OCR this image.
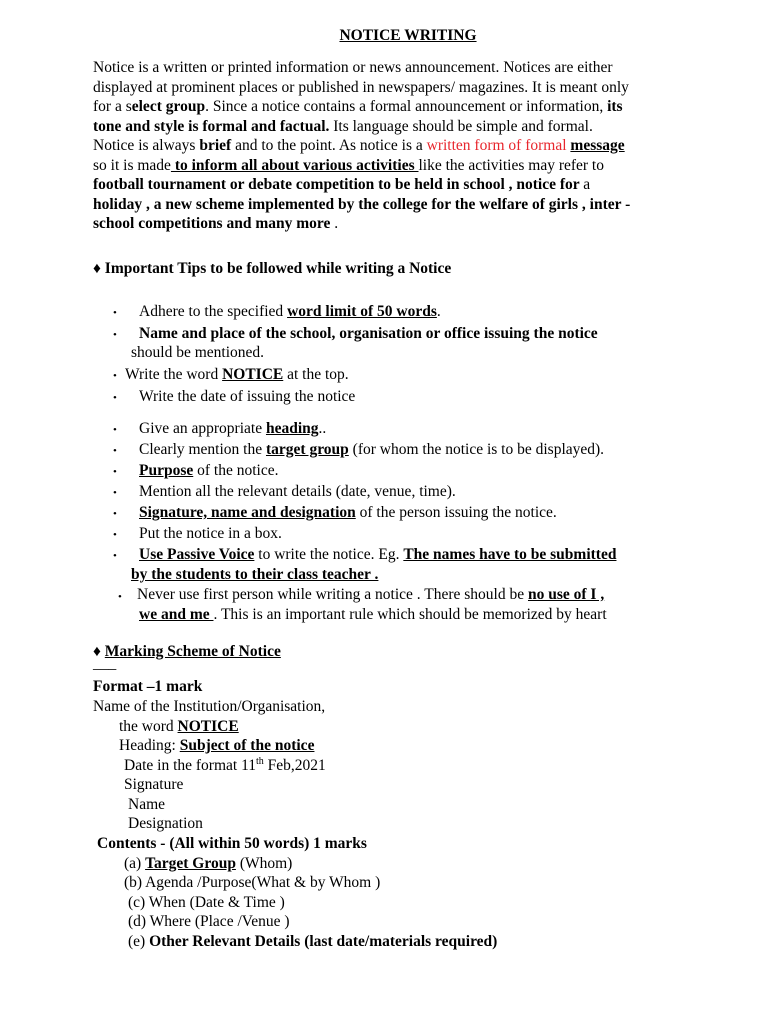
NOTICE WRITING
Notice is a written or printed information or news announcement. Notices are either
displayed at prominent places or published in newspapers/ magazines. It is meant only
for a select group. Since a notice contains a formal announcement or information, its
tone and style is formal and factual. Its language should be simple and formal.
Notice is always brief and to the point. As notice is a written form of formal message
so it is made to inform all about various activities like the activities may refer to
football tournament or debate competition to be held in school , notice for a
holiday , a new scheme implemented by the college for the welfare of girls , inter -
school competitions and many more .
♦ Important Tips to be followed while writing a Notice
• Adhere to the specified word limit of 50 words.
• Name and place of the school, organisation or office issuing the notice
should be mentioned.
• Write the word NOTICE at the top.
• Write the date of issuing the notice
• Give an appropriate heading..
• Clearly mention the target group (for whom the notice is to be displayed).
• Purpose of the notice.
• Mention all the relevant details (date, venue, time).
• Signature, name and designation of the person issuing the notice.
• Put the notice in a box.
• Use Passive Voice to write the notice. Eg. The names have to be submitted
by the students to their class teacher .
• Never use first person while writing a notice . There should be no use of I ,
we and me . This is an important rule which should be memorized by heart
♦ Marking Scheme of Notice
___
Format –1 mark
Name of the Institution/Organisation,
the word NOTICE
Heading: Subject of the notice
Date in the format 11th Feb,2021
Signature
Name
Designation
Contents - (All within 50 words) 1 marks
(a) Target Group (Whom)
(b) Agenda /Purpose(What & by Whom )
(c) When (Date & Time )
(d) Where (Place /Venue )
(e) Other Relevant Details (last date/materials required)
